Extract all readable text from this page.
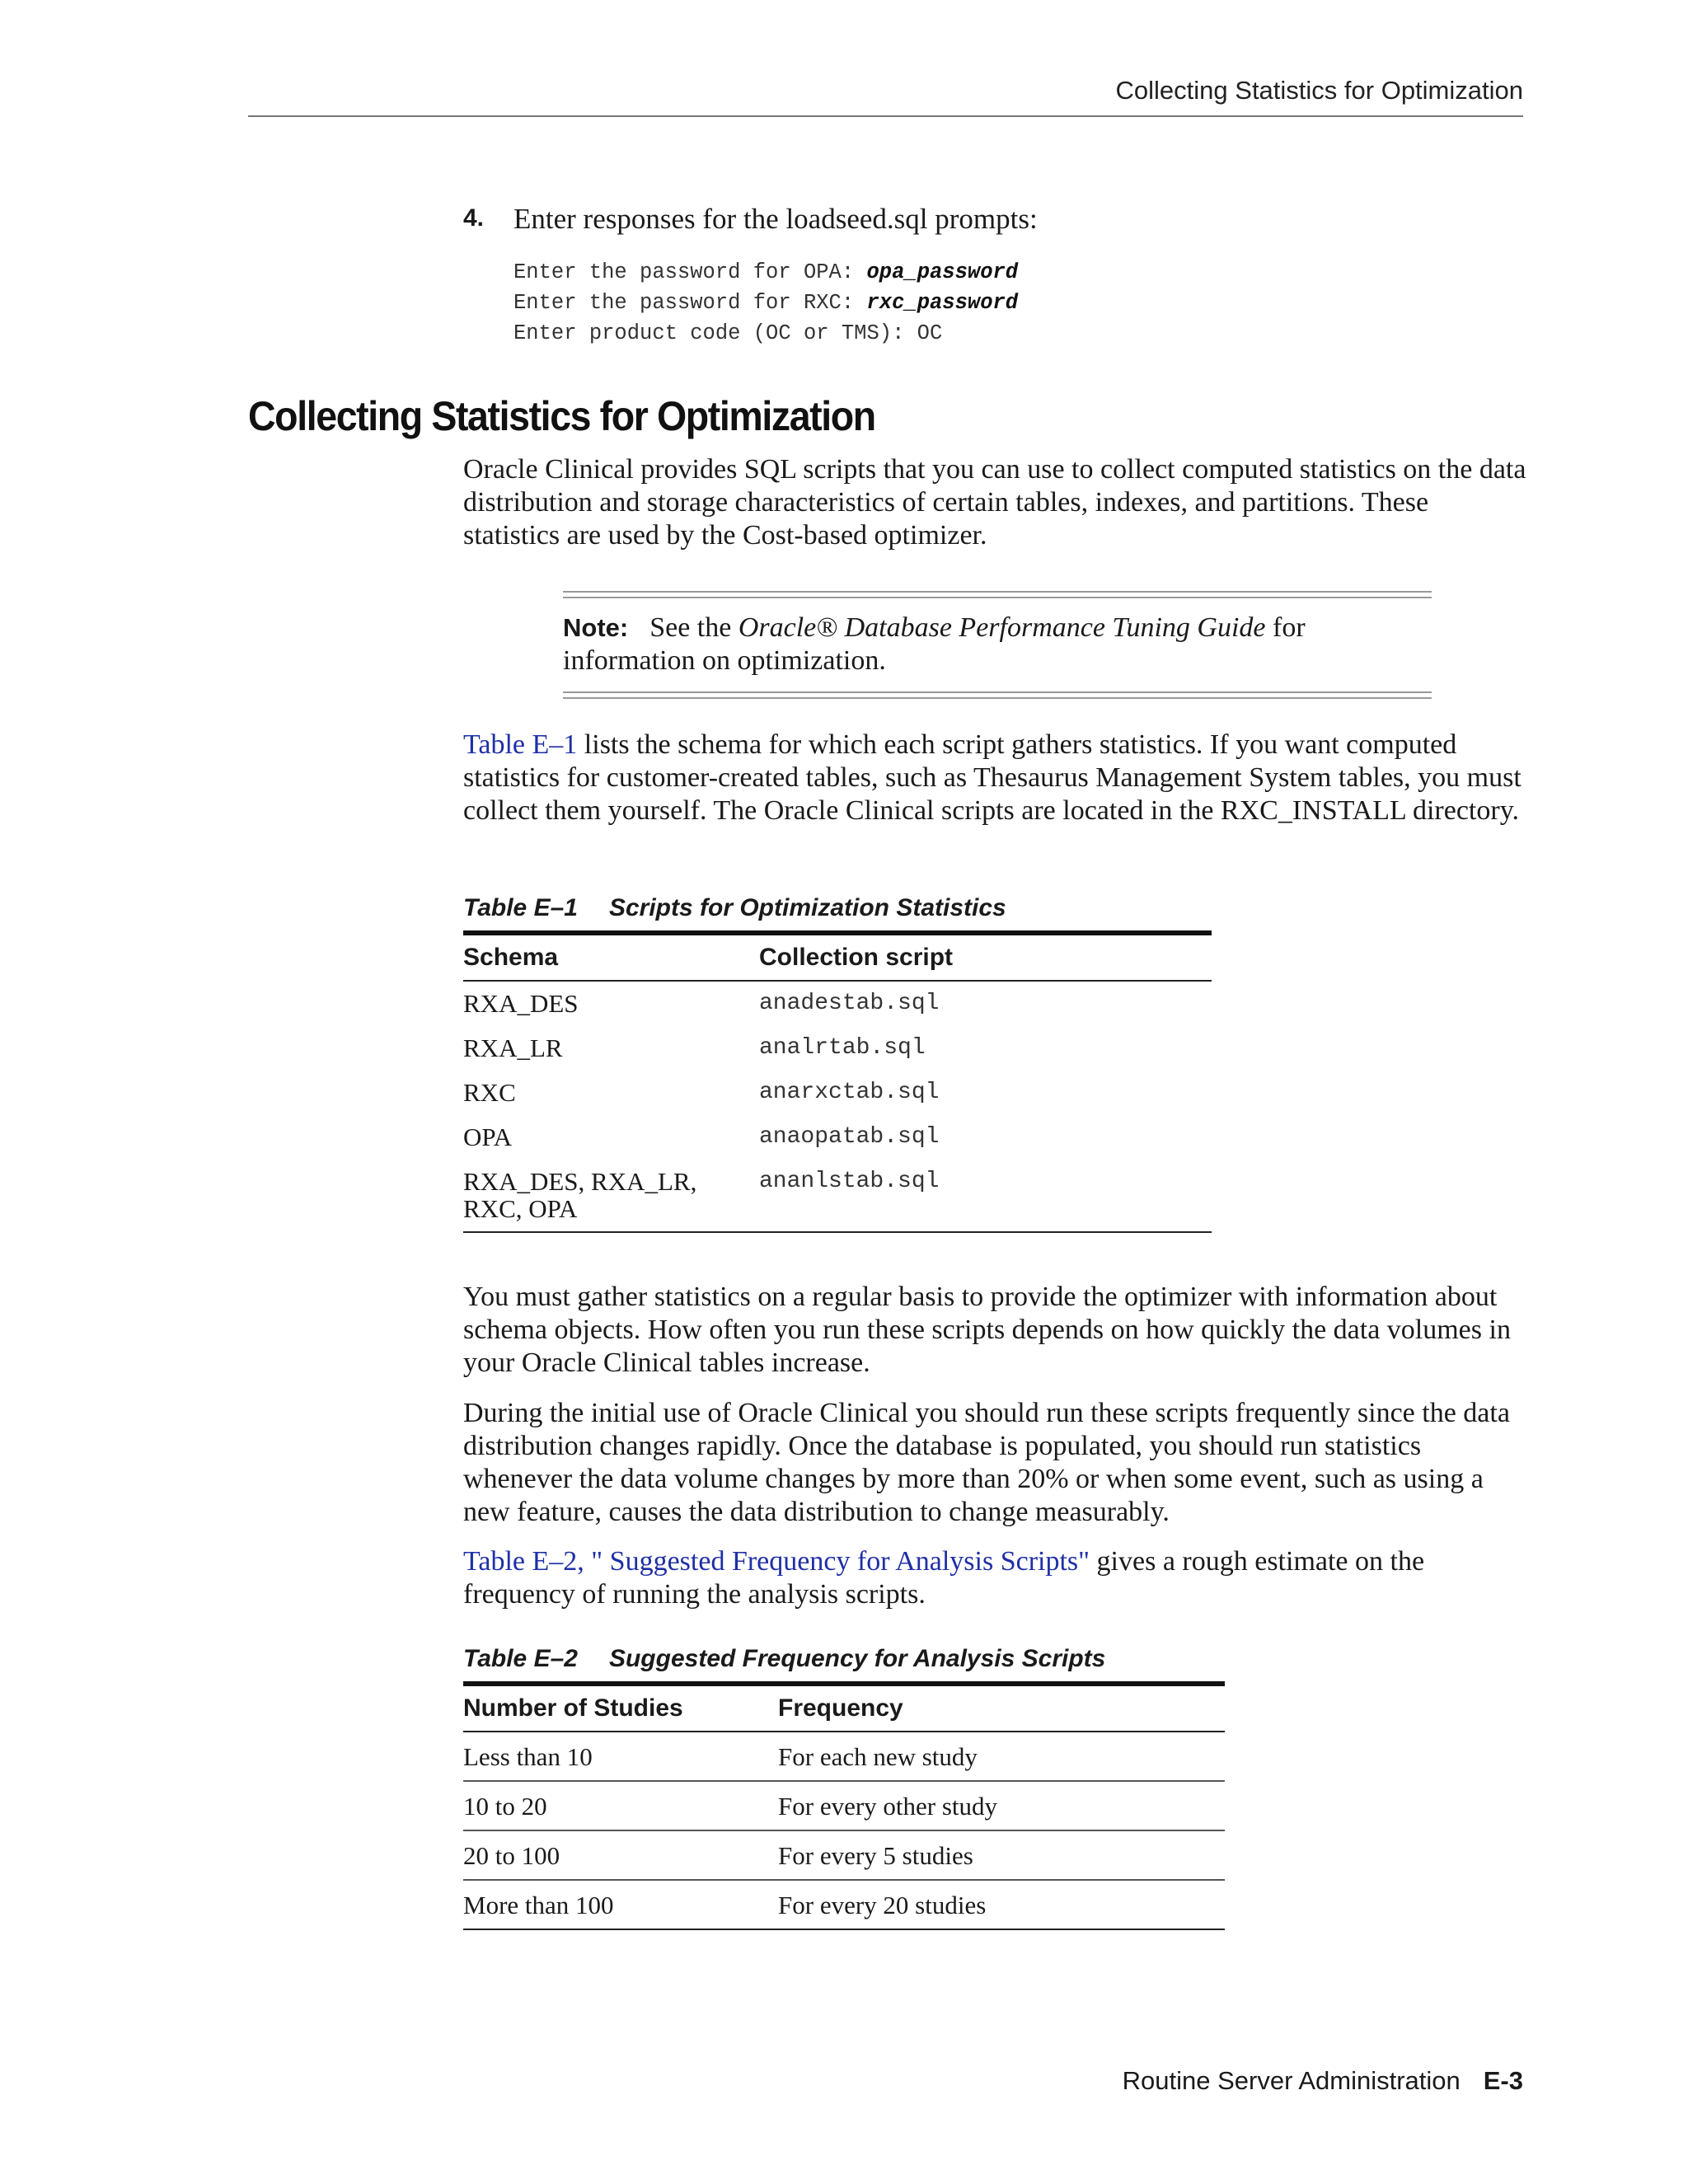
Collecting Statistics for Optimization
4. Enter responses for the loadseed.sql prompts:
Enter the password for OPA: opa_password
Enter the password for RXC: rxc_password
Enter product code (OC or TMS): OC
Collecting Statistics for Optimization

Oracle Clinical provides SQL scripts that you can use to collect computed statistics on the data distribution and storage characteristics of certain tables, indexes, and partitions. These statistics are used by the Cost-based optimizer.

Note: See the Oracle® Database Performance Tuning Guide for information on optimization.

Table E–1 lists the schema for which each script gathers statistics. If you want computed statistics for customer-created tables, such as Thesaurus Management System tables, you must collect them yourself. The Oracle Clinical scripts are located in the RXC_INSTALL directory.

Table E–1 Scripts for Optimization Statistics
Schema	Collection script
RXA_DES	anadestab.sql
RXA_LR	analrtab.sql
RXC	anarxctab.sql
OPA	anaopatab.sql
RXA_DES, RXA_LR, RXC, OPA	ananlstab.sql

You must gather statistics on a regular basis to provide the optimizer with information about schema objects. How often you run these scripts depends on how quickly the data volumes in your Oracle Clinical tables increase.

During the initial use of Oracle Clinical you should run these scripts frequently since the data distribution changes rapidly. Once the database is populated, you should run statistics whenever the data volume changes by more than 20% or when some event, such as using a new feature, causes the data distribution to change measurably.

Table E–2, " Suggested Frequency for Analysis Scripts" gives a rough estimate on the frequency of running the analysis scripts.

Table E–2 Suggested Frequency for Analysis Scripts
Number of Studies	Frequency
Less than 10	For each new study
10 to 20	For every other study
20 to 100	For every 5 studies
More than 100	For every 20 studies
Routine Server Administration E-3
